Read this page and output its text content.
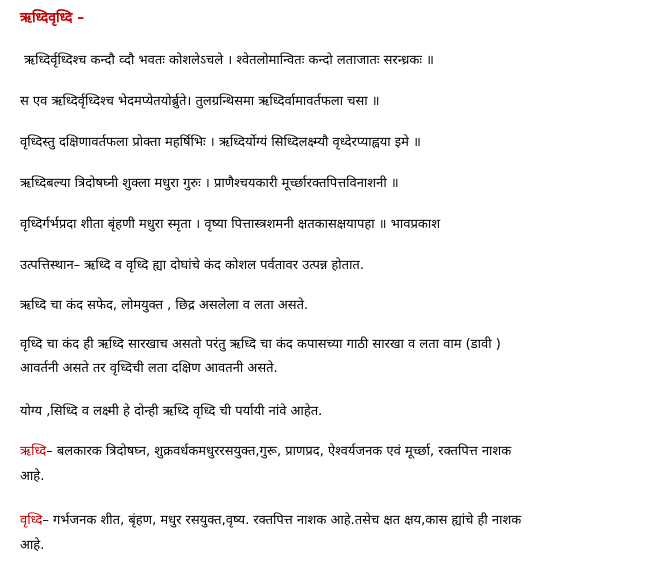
ऋध्दिवृध्दि –
ऋध्दिर्वृध्दिश्च कन्दौ व्दौ भवतः कोशलेऽचले । श्वेतलोमान्वितः कन्दो लताजातः सरन्ध्रकः ॥
स एव ऋध्दिर्वृध्दिश्च भेदमप्येतयोर्ब्रुते। तुलग्रन्थिसमा ऋध्दिर्वामावर्तफला चसा ॥
वृध्दिस्तु दक्षिणावर्तफला प्रोक्ता महर्षिभिः । ऋध्दिर्योग्यं सिध्दिलक्ष्म्यौ वृध्देरप्याह्वया इमे ॥
ऋध्दिबल्या त्रिदोषघ्नी शुक्ला मधुरा गुरुः । प्राणैश्चयकारी मूर्च्छारक्तपित्तविनाशनी ॥
वृध्दिर्गर्भप्रदा शीता बृंहणी मधुरा स्मृता । वृष्या पित्तास्त्रशमनी क्षतकासक्षयापहा ॥ भावप्रकाश
उत्पत्तिस्थान– ऋध्दि व वृध्दि ह्या दोघांचे कंद कोशल पर्वतावर उत्पन्न होतात.
ऋध्दि चा कंद सफेद, लोमयुक्त , छिद्र असलेला व लता असते.
वृध्दि चा कंद ही ऋध्दि सारखाच असतो परंतु ऋध्दि चा कंद कपासच्या गाठी सारखा व लता वाम (डावी )
आवर्तनी असते तर वृध्दिची लता दक्षिण आवतनी असते.
योग्य ,सिध्दि व लक्ष्मी हे दोन्ही ऋध्दि वृध्दि ची पर्यायी नांवे आहेत.
ऋध्दि– बलकारक त्रिदोषघ्न, शुक्रवर्धकमधुररसयुक्त,गुरू, प्राणप्रद, ऐश्वर्यजनक एवं मूर्च्छा, रक्तपित्त नाशक
आहे.
वृध्दि– गर्भजनक शीत, बृंहण, मधुर रसयुक्त,वृष्य. रक्तपित्त नाशक आहे.तसेच क्षत क्षय,कास ह्यांचे ही नाशक
आहे.
